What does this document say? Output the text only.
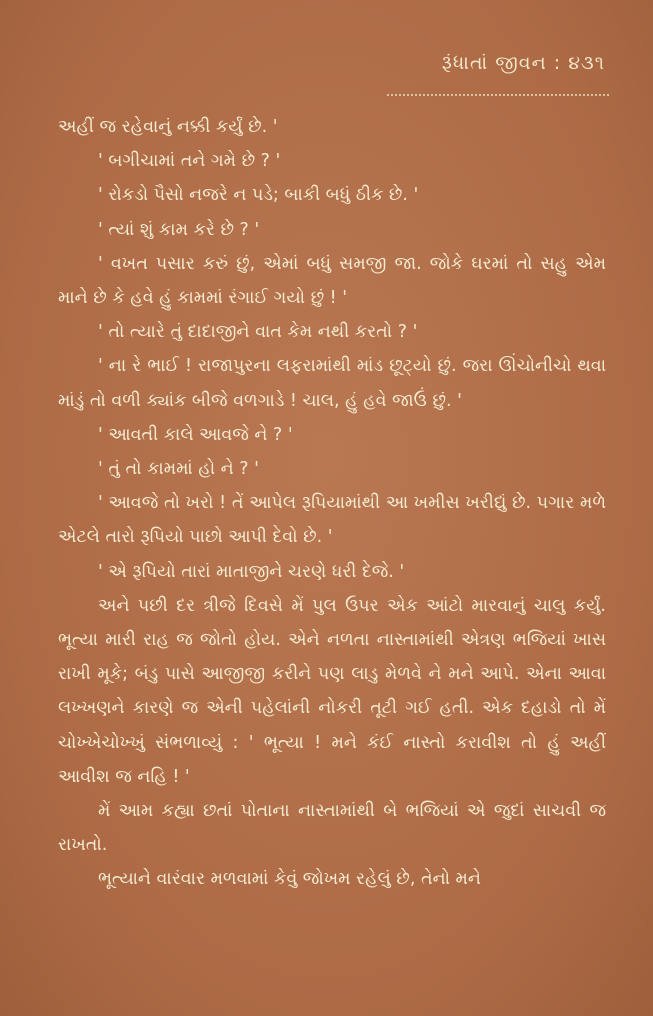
રૂંધાતાં જીવન : ૪૩૧

અહીં જ રહેવાનું નક્કી કર્યું છે. '

' બગીચામાં તને ગમે છે ? '

' રોકડો પૈસો નજરે ન પડે; બાકી બધું ઠીક છે. '

' ત્યાં શું કામ કરે છે ? '

' વખત પસાર કરું છું, એમાં બધું સમજી જા. જોકે ઘરમાં તો સહુ એમ માને છે કે હવે હું કામમાં રંગાઈ ગયો છું ! '

' તો ત્યારે તું દાદાજીને વાત કેમ નથી કરતો ? '

' ના રે ભાઈ ! રાજાપુરના લફરામાંથી માંડ છૂટ્યો છું. જરા ઊંચોનીચો થવા માંડું તો વળી ક્યાંક બીજે વળગાડે ! ચાલ, હું હવે જાઉં છું. '

' આવતી કાલે આવજે ને ? '

' તું તો કામમાં હો ને ? '

' આવજે તો ખરો ! તેં આપેલ રૂપિયામાંથી આ ખમીસ ખરીદ્યું છે. પગાર મળે એટલે તારો રૂપિયો પાછો આપી દેવો છે. '

' એ રૂપિયો તારાં માતાજીને ચરણે ધરી દેજે. '

અને પછી દર ત્રીજે દિવસે મેં પુલ ઉપર એક આંટો મારવાનું ચાલુ કર્યું. ભૂત્યા મારી રાહ જ જોતો હોય. એને નળતા નાસ્તામાંથી એત્રણ ભજિયાં ખાસ રાખી મૂકે; બંડુ પાસે આજીજી કરીને પણ લાડુ મેળવે ને મને આપે. એના આવા લખ્ખણને કારણે જ એની પહેલાંની નોકરી તૂટી ગઈ હતી. એક દહાડો તો મેં ચોખ્ખેચોખ્ખું સંભળાવ્યું : ' ભૂત્યા ! મને કંઈ નાસ્તો કરાવીશ તો હું અહીં આવીશ જ નહિ ! '

મેં આમ કહ્યા છતાં પોતાના નાસ્તામાંથી બે ભજિયાં એ જુદાં સાચવી જ રાખતો.

ભૂત્યાને વારંવાર મળવામાં કેવું જોખમ રહેલું છે, તેનો મને
